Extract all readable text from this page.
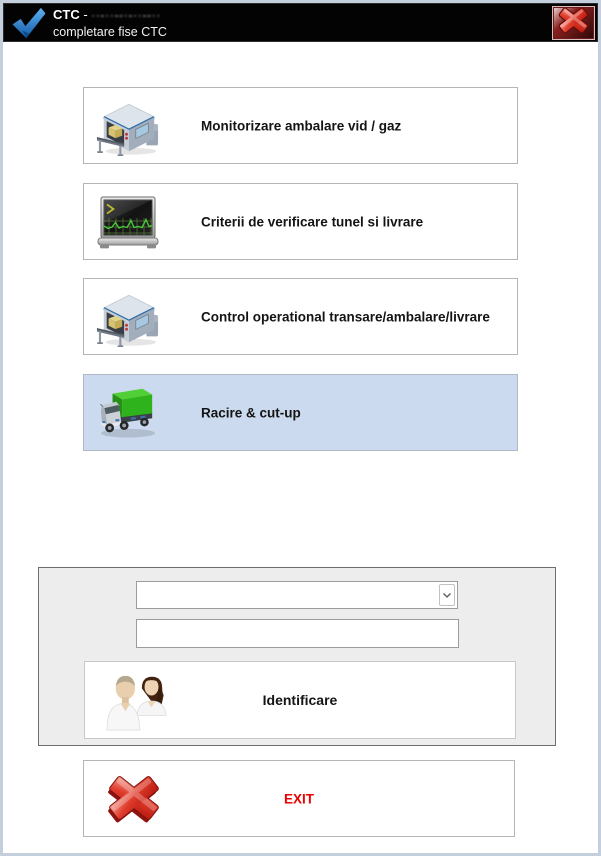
CTC - ··-··--·-··--··
completare fise CTC
Monitorizare ambalare vid / gaz
Criterii de verificare tunel si livrare
Control operational transare/ambalare/livrare
Racire & cut-up
Identificare
EXIT
